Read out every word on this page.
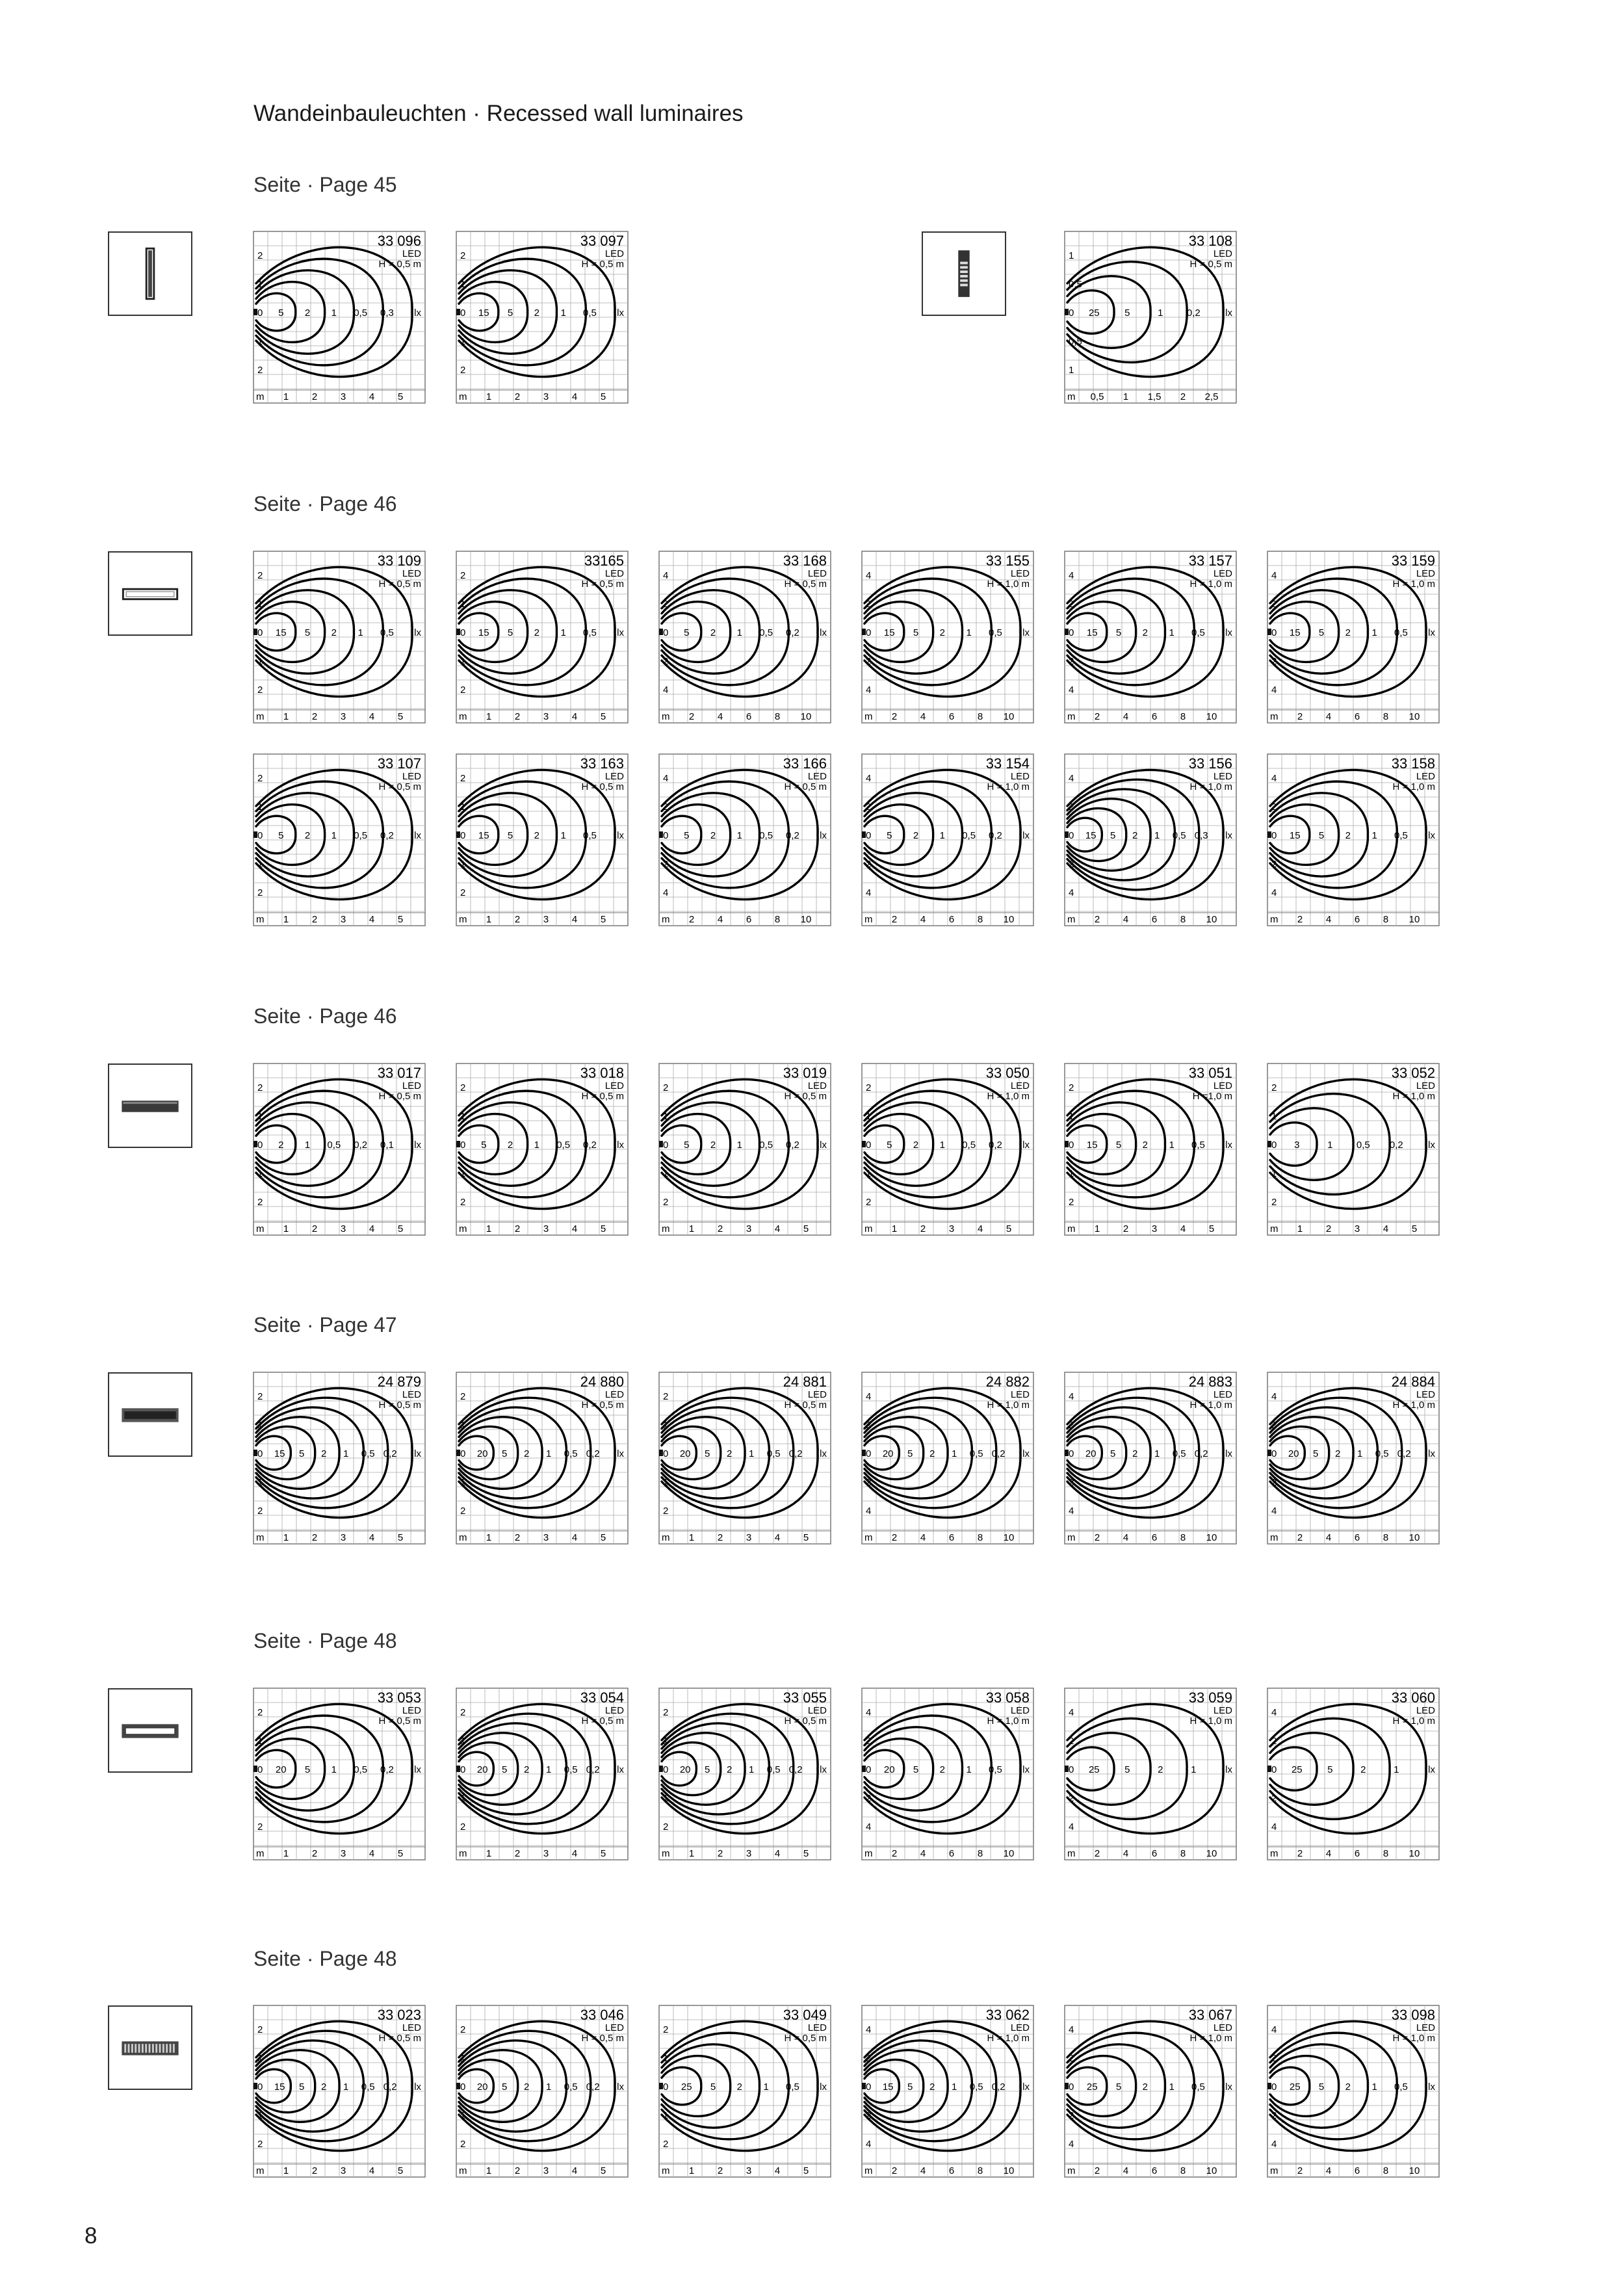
Wandeinbauleuchten · Recessed wall luminaires
Seite · Page 45
5 2 1 0,5 0,3 lx
2
1
0
1
2
m 1 2 3 4 5
33 096
LED
H = 0,5 m
15 5 2 1 0,5 lx
2
1
0
1
2
m 1 2 3 4 5
33 097
LED
H = 0,5 m
25	5	1 0,2	lx
1
0,5
0
0,5
1
m 0,5 1 1,5 2 2,5
33 108
LED
H = 0,5 m
Seite · Page 46
15 5 2 1 0,5 lx
2
1
0
1
2
m 1 2 3 4 5
33 109
LED
H = 0,5 m
15 5 2 1 0,5 lx
2
1
0
1
2
m 1 2 3 4 5
33165
LED
H = 0,5 m
5 2 1 0,5 0,2 lx
4
2
0
2
4
m 2 4 6 8 10
33 168
LED
H = 0,5 m
15 5 2 1 0,5 lx
4
2
0
2
4
m 2 4 6 8 10
33 155
LED
H = 1,0 m
15 5 2 1 0,5 lx
4
2
0
2
4
m 2 4 6 8 10
33 157
LED
H = 1,0 m
15 5 2 1 0,5 lx
4
2
0
2
4
m 2 4 6 8 10
33 159
LED
H = 1,0 m
5 2 1 0,5 0,2 lx
2
1
0
1
2
m 1 2 3 4 5
33 107
LED
H = 0,5 m
15 5 2 1 0,5 lx
2
1
0
1
2
m 1 2 3 4 5
33 163
LED
H = 0,5 m
5 2 1 0,5 0,2 lx
4
2
0
2
4
m 2 4 6 8 10
33 166
LED
H = 0,5 m
5 2 1 0,5 0,2 lx
4
2
0
2
4
m 2 4 6 8 10
33 154
LED
H = 1,0 m
15 5 2 1 0,5 0,3 lx
4
2
0
2
4
m 2 4 6 8 10
33 156
LED
H = 1,0 m
15 5 2 1 0,5 lx
4
2
0
2
4
m 2 4 6 8 10
33 158
LED
H = 1,0 m
Seite · Page 46
2 1 0,5 0,2 0,1 lx
2
1
0
1
2
m 1 2 3 4 5
33 017
LED
H = 0,5 m
5 2 1 0,5 0,2 lx
2
1
0
1
2
m 1 2 3 4 5
33 018
LED
H = 0,5 m
5 2 1 0,5 0,2 lx
2
1
0
1
2
m 1 2 3 4 5
33 019
LED
H = 0,5 m
5 2 1 0,5 0,2 lx
2
1
0
1
2
m 1 2 3 4 5
33 050
LED
H = 1,0 m
15 5 2 1 0,5 lx
2
1
0
1
2
m 1 2 3 4 5
33 051
LED
H =1,0 m
3	1 0,5 0,2	lx
2
1
0
1
2
m 1 2 3 4 5
33 052
LED
H = 1,0 m
Seite · Page 47
15 5 2 1 0,5 0,2 lx
2
1
0
1
2
m 1 2 3 4 5
24 879
LED
H = 0,5 m
20 5 2 1 0,5 0,2 lx
2
1
0
1
2
m 1 2 3 4 5
24 880
LED
H = 0,5 m
20 5 2 1 0,5 0,2 lx
2
1
0
1
2
m 1 2 3 4 5
24 881
LED
H = 0,5 m
20 5 2 1 0,5 0,2 lx
4
2
0
2
4
m 2 4 6 8 10
24 882
LED
H = 1,0 m
20 5 2 1 0,5 0,2 lx
4
2
0
2
4
m 2 4 6 8 10
24 883
LED
H = 1,0 m
20 5 2 1 0,5 0,2 lx
4
2
0
2
4
m 2 4 6 8 10
24 884
LED
H = 1,0 m
Seite · Page 48
20 5 1 0,5 0,2 lx
2
1
0
1
2
m 1 2 3 4 5
33 053
LED
H = 0,5 m
20 5 2 1 0,5 0,2 lx
2
1
0
1
2
m 1 2 3 4 5
33 054
LED
H = 0,5 m
20 5 2 1 0,5 0,2 lx
2
1
0
1
2
m 1 2 3 4 5
33 055
LED
H = 0,5 m
20 5 2 1 0,5 lx
4
2
0
2
4
m 2 4 6 8 10
33 058
LED
H = 1,0 m
25	5	2	1	lx
4
2
0
2
4
m 2 4 6 8 10
33 059
LED
H = 1,0 m
25	5	2	1	lx
4
2
0
2
4
m 2 4 6 8 10
33 060
LED
H = 1,0 m
Seite · Page 48
15 5 2 1 0,5 0,2 lx
2
1
0
1
2
m 1 2 3 4 5
33 023
LED
H = 0,5 m
20 5 2 1 0,5 0,2 lx
2
1
0
1
2
m 1 2 3 4 5
33 046
LED
H = 0,5 m
25 5 2 1 0,5 lx
2
1
0
1
2
m 1 2 3 4 5
33 049
LED
H = 0,5 m
15 5 2 1 0,5 0,2 lx
4
2
0
2
4
m 2 4 6 8 10
33 062
LED
H = 1,0 m
25 5 2 1 0,5 lx
4
2
0
2
4
m 2 4 6 8 10
33 067
LED
H = 1,0 m
25 5 2 1 0,5 lx
4
2
0
2
4
m 2 4 6 8 10
33 098
LED
H = 1,0 m
8
